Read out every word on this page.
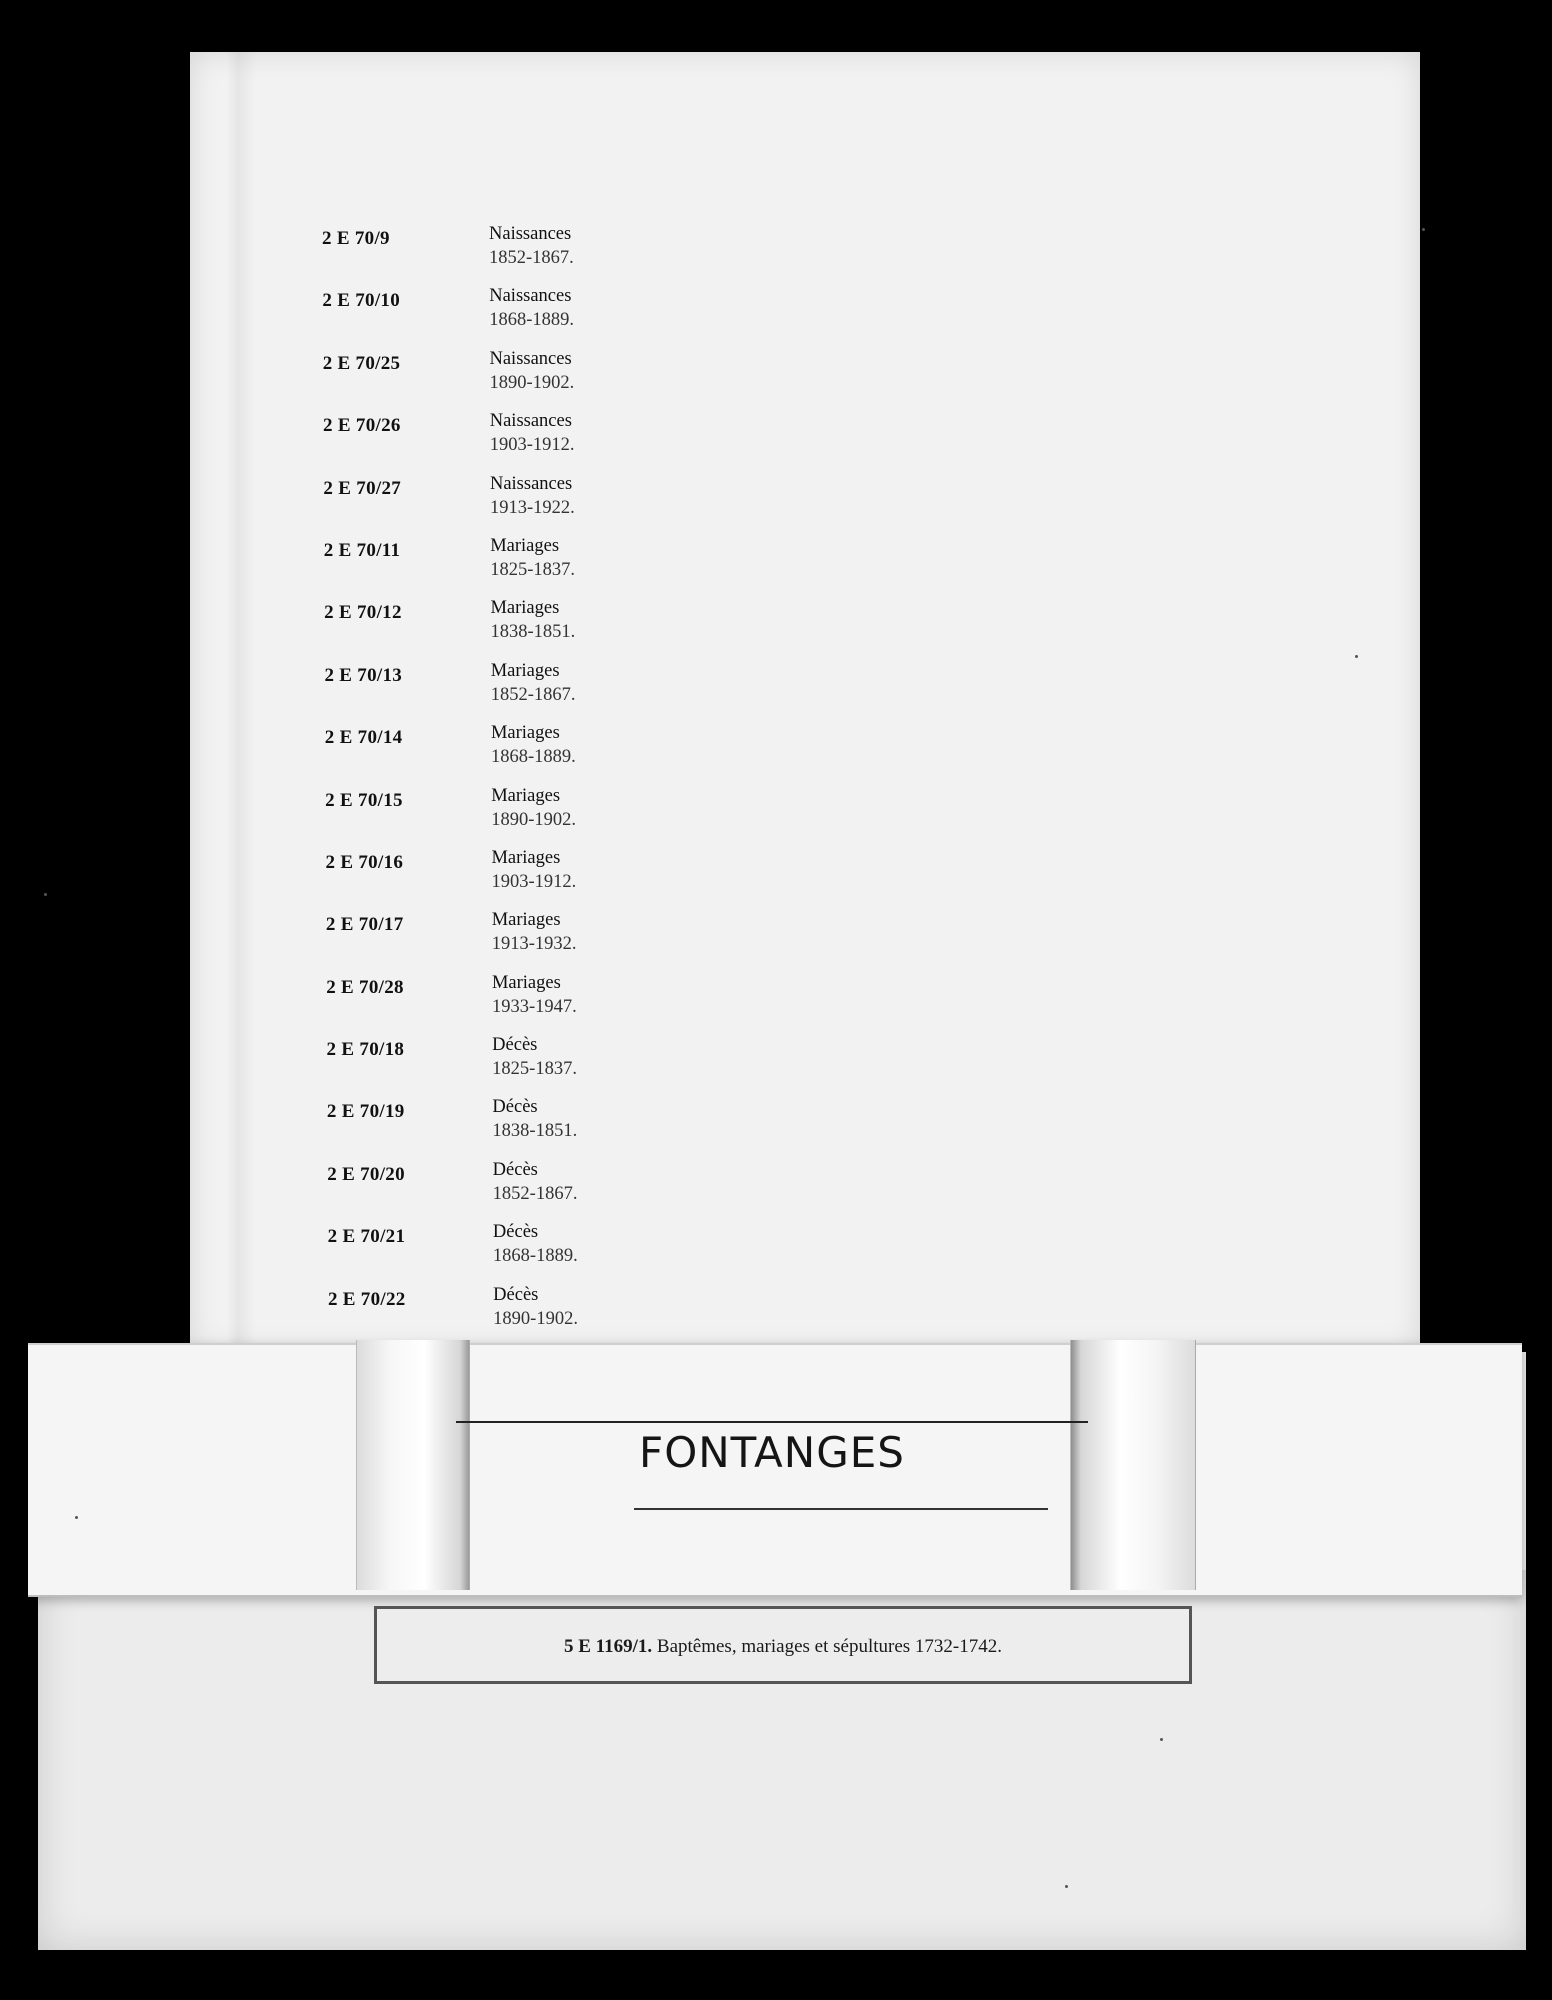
2 E 70/9	Naissances
1852-1867.
2 E 70/10	Naissances
1868-1889.
2 E 70/25	Naissances
1890-1902.
2 E 70/26	Naissances
1903-1912.
2 E 70/27	Naissances
1913-1922.
2 E 70/11	Mariages
1825-1837.
2 E 70/12	Mariages
1838-1851.
2 E 70/13	Mariages
1852-1867.
2 E 70/14	Mariages
1868-1889.
2 E 70/15	Mariages
1890-1902.
2 E 70/16	Mariages
1903-1912.
2 E 70/17	Mariages
1913-1932.
2 E 70/28	Mariages
1933-1947.
2 E 70/18	Décès
1825-1837.
2 E 70/19	Décès
1838-1851.
2 E 70/20	Décès
1852-1867.
2 E 70/21	Décès
1868-1889.
2 E 70/22	Décès
1890-1902.
FONTANGES
5 E 1169/1. Baptêmes, mariages et sépultures 1732-1742.
